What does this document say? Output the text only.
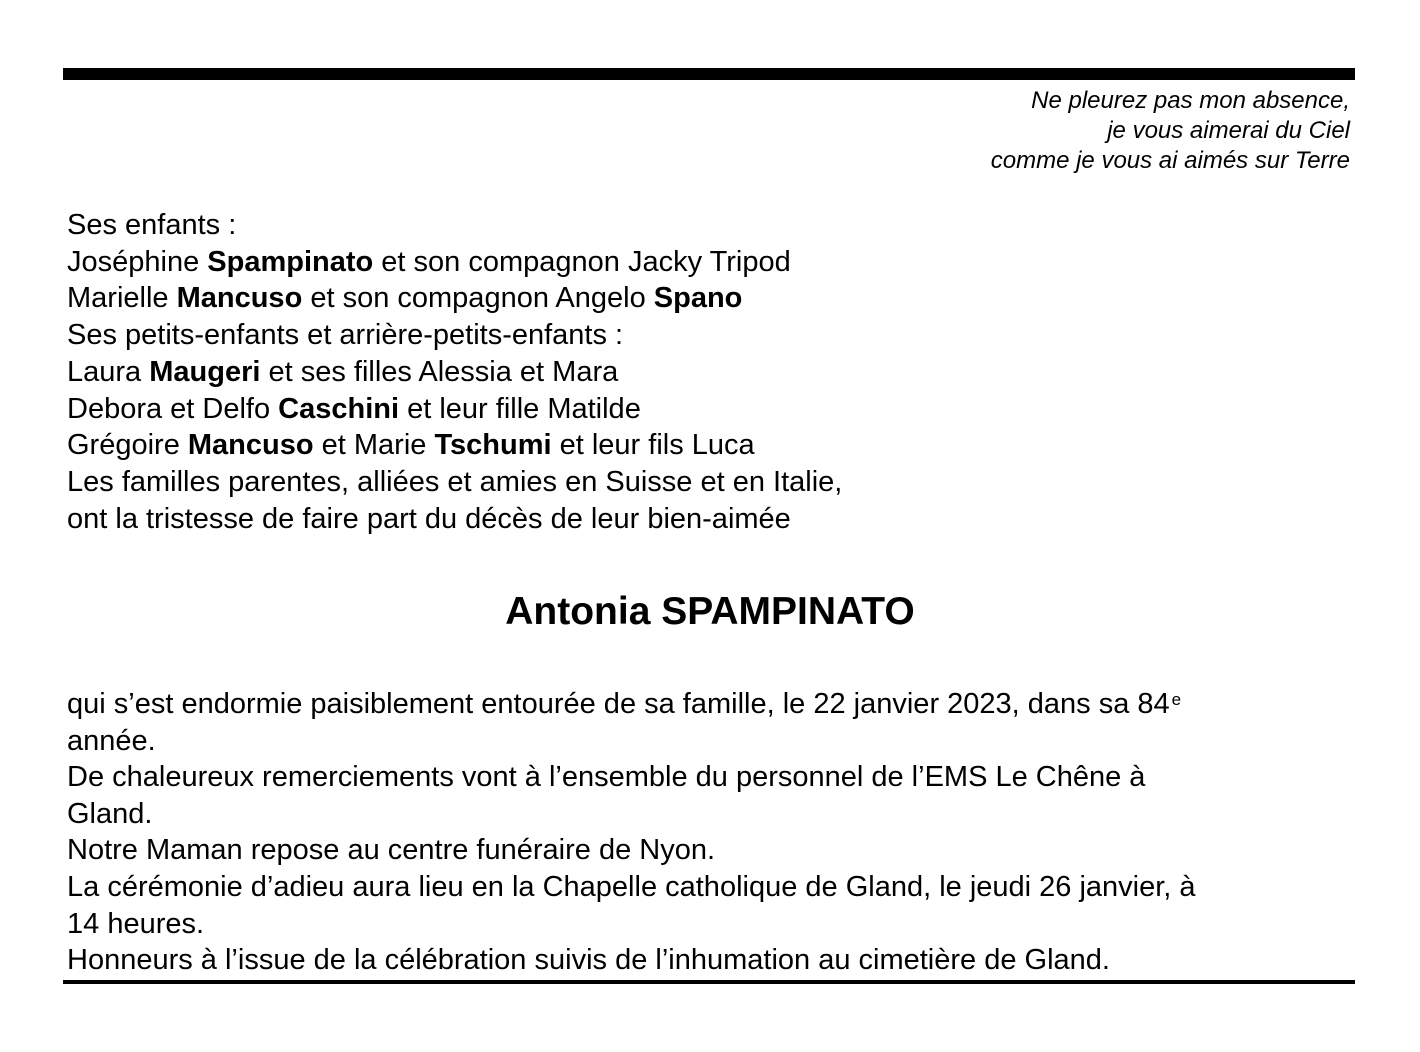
Ne pleurez pas mon absence,
je vous aimerai du Ciel
comme je vous ai aimés sur Terre
Ses enfants :
Joséphine Spampinato et son compagnon Jacky Tripod
Marielle Mancuso et son compagnon Angelo Spano
Ses petits-enfants et arrière-petits-enfants :
Laura Maugeri et ses filles Alessia et Mara
Debora et Delfo Caschini et leur fille Matilde
Grégoire Mancuso et Marie Tschumi et leur fils Luca
Les familles parentes, alliées et amies en Suisse et en Italie,
ont la tristesse de faire part du décès de leur bien-aimée
Antonia SPAMPINATO
qui s’est endormie paisiblement entourée de sa famille, le 22 janvier 2023, dans sa 84 $^e$
année.
De chaleureux remerciements vont à l’ensemble du personnel de l’EMS Le Chêne à
Gland.
Notre Maman repose au centre funéraire de Nyon.
La cérémonie d’adieu aura lieu en la Chapelle catholique de Gland, le jeudi 26 janvier, à
14 heures.
Honneurs à l’issue de la célébration suivis de l’inhumation au cimetière de Gland.
